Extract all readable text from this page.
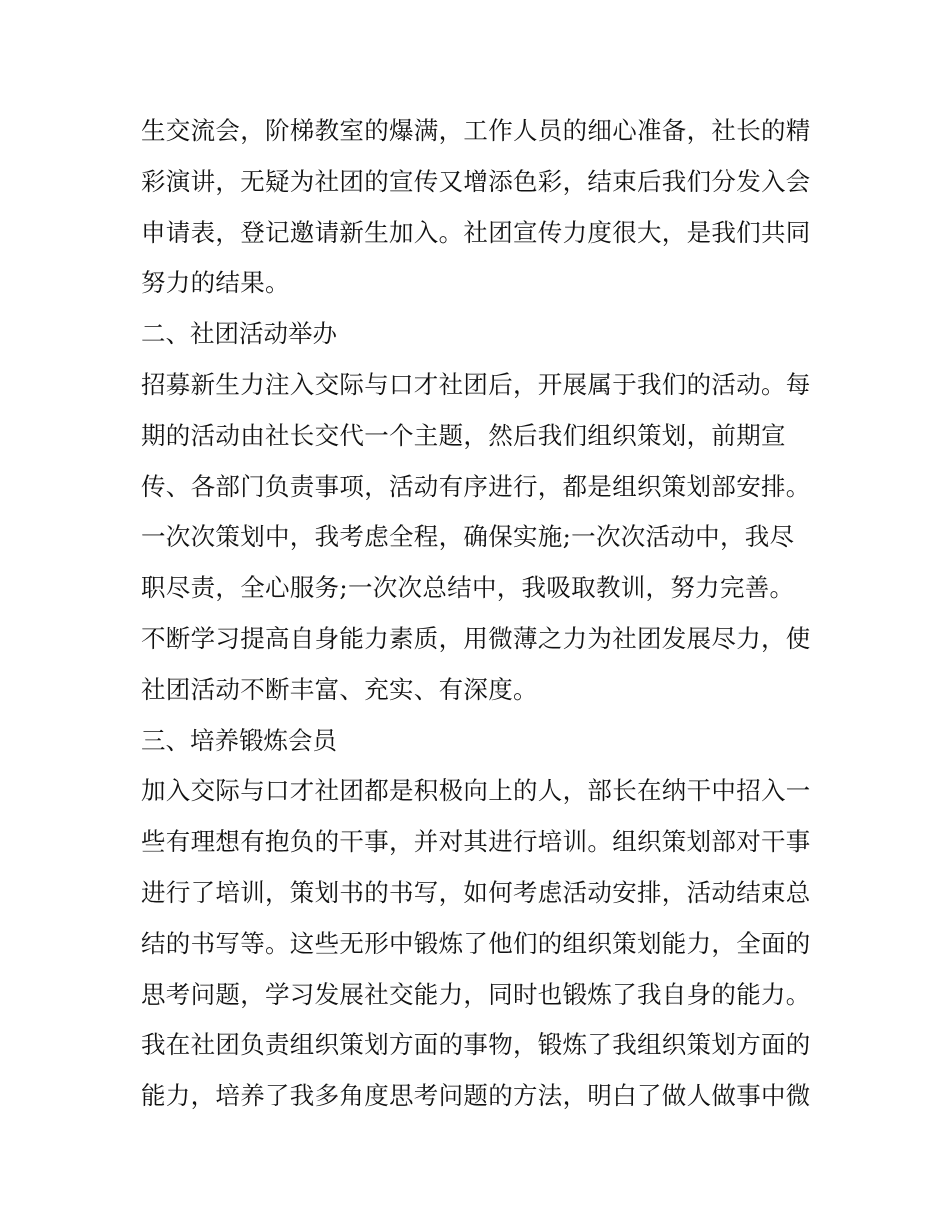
生交流会，阶梯教室的爆满，工作人员的细心准备，社长的精
彩演讲，无疑为社团的宣传又增添色彩，结束后我们分发入会
申请表，登记邀请新生加入。社团宣传力度很大，是我们共同
努力的结果。
二、社团活动举办
招募新生力注入交际与口才社团后，开展属于我们的活动。每
期的活动由社长交代一个主题，然后我们组织策划，前期宣
传、各部门负责事项，活动有序进行，都是组织策划部安排。
一次次策划中，我考虑全程，确保实施;一次次活动中，我尽
职尽责，全心服务;一次次总结中，我吸取教训，努力完善。
不断学习提高自身能力素质，用微薄之力为社团发展尽力，使
社团活动不断丰富、充实、有深度。
三、培养锻炼会员
加入交际与口才社团都是积极向上的人，部长在纳干中招入一
些有理想有抱负的干事，并对其进行培训。组织策划部对干事
进行了培训，策划书的书写，如何考虑活动安排，活动结束总
结的书写等。这些无形中锻炼了他们的组织策划能力，全面的
思考问题，学习发展社交能力，同时也锻炼了我自身的能力。
我在社团负责组织策划方面的事物，锻炼了我组织策划方面的
能力，培养了我多角度思考问题的方法，明白了做人做事中微
